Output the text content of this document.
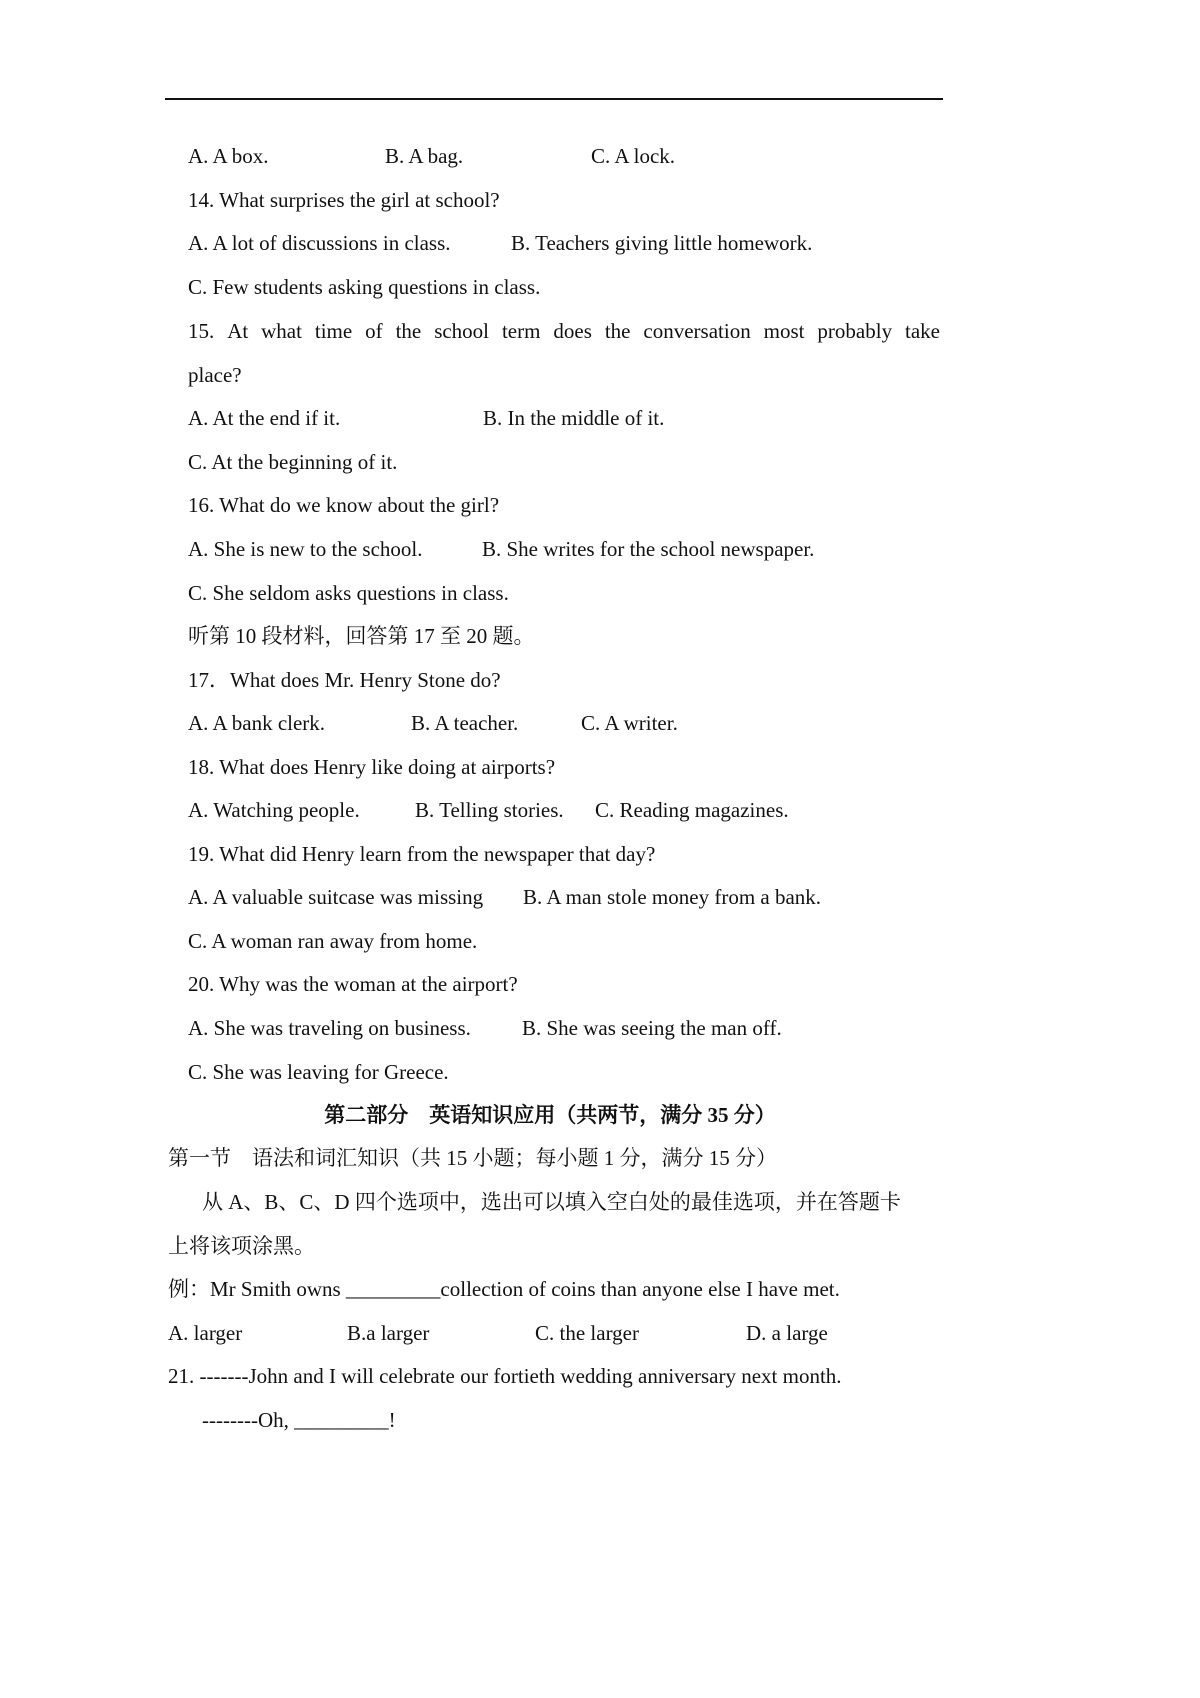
A. A box.	B. A bag.	C. A lock.
14. What surprises the girl at school?
A. A lot of discussions in class.	B. Teachers giving little homework.
C. Few students asking questions in class.
15. At what time of the school term does the conversation most probably take
place?
A. At the end if it.	B. In the middle of it.
C. At the beginning of it.
16. What do we know about the girl?
A. She is new to the school.	B. She writes for the school newspaper.
C. She seldom asks questions in class.
听第 10 段材料，回答第 17 至 20 题。
17．What does Mr. Henry Stone do?
A. A bank clerk.	B. A teacher.	C. A writer.
18. What does Henry like doing at airports?
A. Watching people.	B. Telling stories. C. Reading magazines.
19. What did Henry learn from the newspaper that day?
A. A valuable suitcase was missing B. A man stole money from a bank.
C. A woman ran away from home.
20. Why was the woman at the airport?
A. She was traveling on business. B. She was seeing the man off.
C. She was leaving for Greece.
第二部分　英语知识应用（共两节，满分 35 分）
第一节　语法和词汇知识（共 15 小题；每小题 1 分，满分 15 分）
从 A、B、C、D 四个选项中，选出可以填入空白处的最佳选项，并在答题卡
上将该项涂黑。
例：Mr Smith owns _________collection of coins than anyone else I have met.
A. larger	B.a larger	C. the larger	D. a large
21. -------John and I will celebrate our fortieth wedding anniversary next month.
--------Oh, _________!
